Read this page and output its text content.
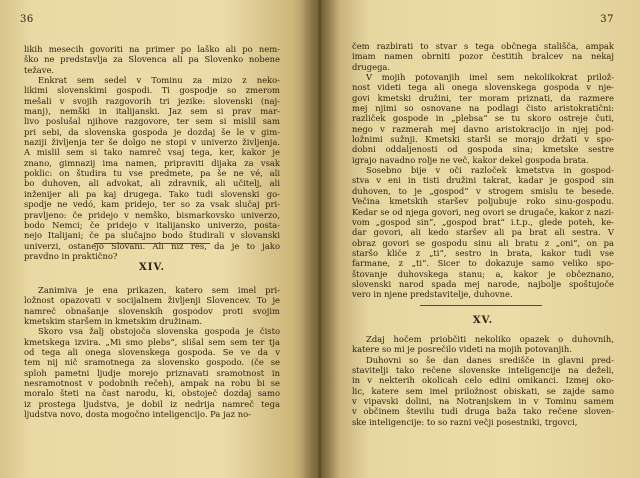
36
likih mesecih govoriti na primer po laško ali po nem-
ško ne predstavlja za Slovenca ali pa Slovenko nobene
težave.
Enkrat sem sedel v Tominu za mizo z neko-
likimi slovenskimi gospodi. Ti gospodje so zmerom
mešali v svojih razgovorih tri jezike: slovenski (naj-
manj), nemški in italijanski. Jaz sem si prav mar-
livo poslušal njihove razgovore, ter sem si mislil sam
pri sebi, da slovenska gospoda je dozdaj še le v gim-
naziji življenja ter še dolgo ne stopi v univerzo življenja.
A mislil sem si tako namreč vsaj tega, ker, kakor je
znano, gimnazij ima namen, pripraviti dijaka za vsak
poklic: on študira tu vse predmete, pa še ne vé, ali
bo duhoven, ali advokat, ali zdravnik, ali učitelj, ali
inženijer ali pa kaj drugega. Tako tudi slovenski go-
spodje ne vedó, kam pridejo, ter so za vsak slučaj pri-
pravljeno: če pridejo v nemško, bismarkovsko univerzo,
bodo Nemci; če pridejo v italijansko univerzo, posta-
nejo Italijani; če pa slučajno bodo študirali v slovanski
univerzi, ostanejo Slovani. Ali niz res, da je to jako
pravdno in praktično?
XIV.
Zanimiva je ena prikazen, katero sem imel pri-
ložnost opazovati v socijalnem življenji Slovencev. To je
namreč obnašanje slovenskih gospodov proti svojim
kmetskim staršem in kmetskim družinam.
Skoro vsa žalj obstojoča slovenska gospoda je čisto
kmetskega izvira. „Mi smo plebs“, slišal sem sem ter tja
od tega ali onega slovenskega gospoda. Se ve da v
tem nij nič sramotnega za slovensko gospodo. (če se
sploh pametni ljudje morejo priznavati sramotnost in
nesramotnost v podobnih rečeh), ampak na robu bi se
moralo šteti na čast narodu, ki, obstoječ dozdaj samo
iz prostega ljudstva, je dobil iz nedrija namreč tega
ljudstva novo, dosta mogočno inteligencijo. Pa jaz no-
37
čem razbirati to stvar s tega občnega stališča, ampak
imam namen obrniti pozor čestitih bralcev na nekaj
drugega.
V mojih potovanjih imel sem nekolikokrat prilož-
nost videti tega ali onega slovenskega gospoda v nje-
govi kmetski družini, ter moram priznati, da razmere
mej njimi so osnovane na podlagi čisto aristokratični:
različek gospode in „plebsa“ se tu skoro ostreje čuti,
nego v razmerah mej davno aristokracijo in njej pod-
ložnimi sužnji. Kmetski starši se morajo držati v spo-
dobni oddaljenosti od gospoda sina; kmetske sestre
igrajo navadno rolje ne več, kakor dekel gospoda brata.
Sosebno bije v oči razloček kmetstva in gospod-
stva v eni in tisti družini takrat, kadar je gospod sin
duhoven, to je „gospod“ v strogem smislu te besede.
Večina kmetskih staršev poljubuje roko sinu-gospodu.
Kedar se od njega govori, neg ovori se drugače, kakor z nazi-
vom „gospod sin“, „gospod brat“ i.t.p., glede poteh, ke-
dar govori, ali kedo staršev ali pa brat ali sestra. V
obraz govori se gospodu sinu ali bratu z „oni“, on pa
staršo kliče z „ti“, sestro in brata, kakor tudi vse
farmane, z „ti“. Sicer to dokazuje samo veliko spo-
štovanje duhovskega stanu; a, kakor je občeznano,
slovenski narod spada mej narode, najbolje spoštujoče
vero in njene predstavitelje, duhovne.
XV.
Zdaj hočem priobčiti nekoliko opazek o duhovnih,
katere so mi je posrečilo videti na mojih potovanjih.
Duhovni so še dan danes središče in glavni pred-
stavitelji tako rečene slovenske inteligencije na deželi,
in v nekterih okolicah celo edini omikanci. Izmej oko-
lic, katere sem imel priložnost obiskati, se zajde samo
v vipavski dolini, na Notranjskem in v Tominu samem
v občinem številu tudi druga baža tako rečene sloven-
ske inteligencije: to so razni večji posestniki, trgovci,
